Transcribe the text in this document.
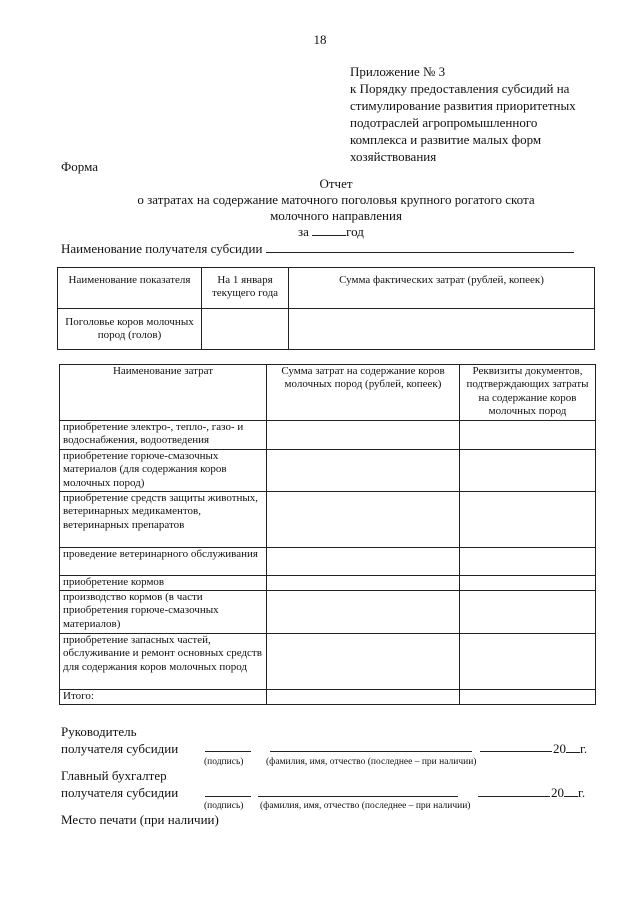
18
Приложение № 3
к Порядку предоставления субсидий на
стимулирование развития приоритетных
подотраслей агропромышленного
комплекса и развитие малых форм
хозяйствования
Форма
Отчет
о затратах на содержание маточного поголовья крупного рогатого скота
молочного направления
за	год
Наименование получателя субсидии
Наименование показателя	На 1 января текущего года	Сумма фактических затрат (рублей, копеек)
Поголовье коров молочных пород (голов)		
Наименование затрат	Сумма затрат на содержание коров молочных пород (рублей, копеек)	Реквизиты документов, подтверждающих затраты на содержание коров молочных пород
приобретение электро-, тепло-, газо- и водоснабжения, водоотведения		
приобретение горюче-смазочных материалов (для содержания коров молочных пород)		
приобретение средств защиты животных, ветеринарных медикаментов, ветеринарных препаратов		
проведение ветеринарного обслуживания		
приобретение кормов		
производство кормов (в части приобретения горюче-смазочных материалов)		
приобретение запасных частей, обслуживание и ремонт основных средств для содержания коров молочных пород		
Итого:		
Руководитель
получателя субсидии	20 г.
(подпись) (фамилия, имя, отчество (последнее – при наличии)
Главный бухгалтер
получателя субсидии	20 г.
(подпись) (фамилия, имя, отчество (последнее – при наличии)
Место печати (при наличии)
